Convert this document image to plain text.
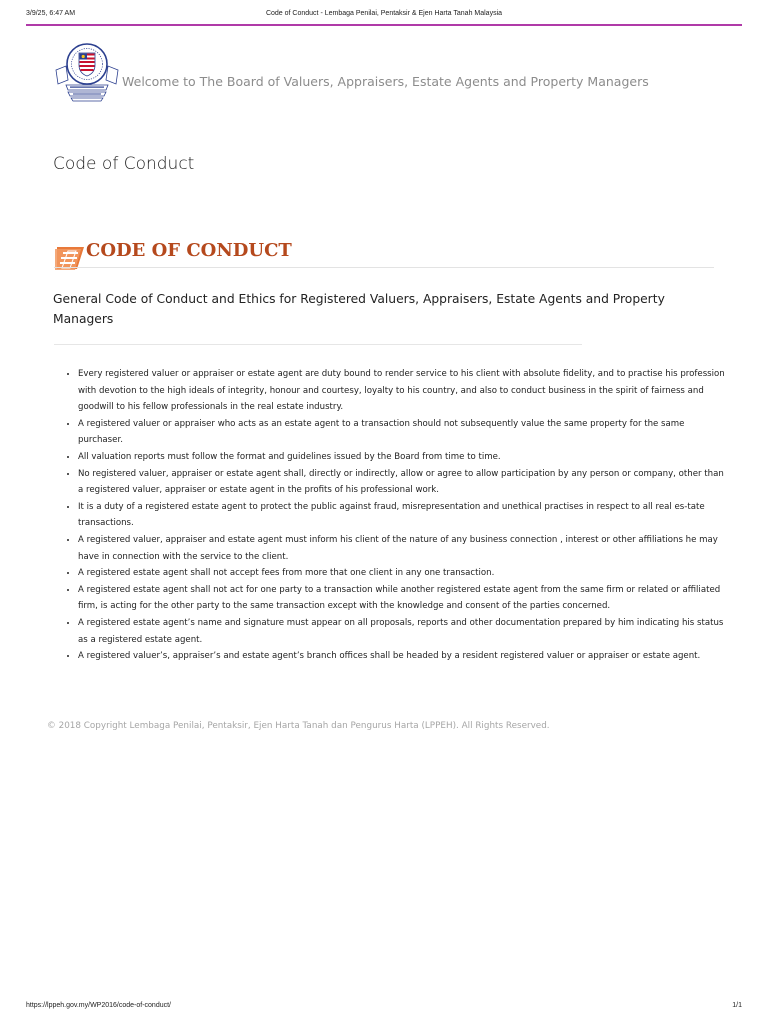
3/9/25, 6:47 AM	Code of Conduct - Lembaga Penilai, Pentaksir & Ejen Harta Tanah Malaysia
Welcome to The Board of Valuers, Appraisers, Estate Agents and Property Managers
Code of Conduct
CODE OF CONDUCT
General Code of Conduct and Ethics for Registered Valuers, Appraisers, Estate Agents and Property Managers
• Every registered valuer or appraiser or estate agent are duty bound to render service to his client with absolute fidelity, and to practise his profession with devotion to the high ideals of integrity, honour and courtesy, loyalty to his country, and also to conduct business in the spirit of fairness and goodwill to his fellow professionals in the real estate industry.
• A registered valuer or appraiser who acts as an estate agent to a transaction should not subsequently value the same property for the same purchaser.
• All valuation reports must follow the format and guidelines issued by the Board from time to time.
• No registered valuer, appraiser or estate agent shall, directly or indirectly, allow or agree to allow participation by any person or company, other than a registered valuer, appraiser or estate agent in the profits of his professional work.
• It is a duty of a registered estate agent to protect the public against fraud, misrepresentation and unethical practises in respect to all real es-tate transactions.
• A registered valuer, appraiser and estate agent must inform his client of the nature of any business connection , interest or other affiliations he may have in connection with the service to the client.
• A registered estate agent shall not accept fees from more that one client in any one transaction.
• A registered estate agent shall not act for one party to a transaction while another registered estate agent from the same firm or related or affiliated firm, is acting for the other party to the same transaction except with the knowledge and consent of the parties concerned.
• A registered estate agent’s name and signature must appear on all proposals, reports and other documentation prepared by him indicating his status as a registered estate agent.
• A registered valuer’s, appraiser’s and estate agent’s branch offices shall be headed by a resident registered valuer or appraiser or estate agent.
© 2018 Copyright Lembaga Penilai, Pentaksir, Ejen Harta Tanah dan Pengurus Harta (LPPEH). All Rights Reserved.
https://lppeh.gov.my/WP2016/code-of-conduct/	1/1
